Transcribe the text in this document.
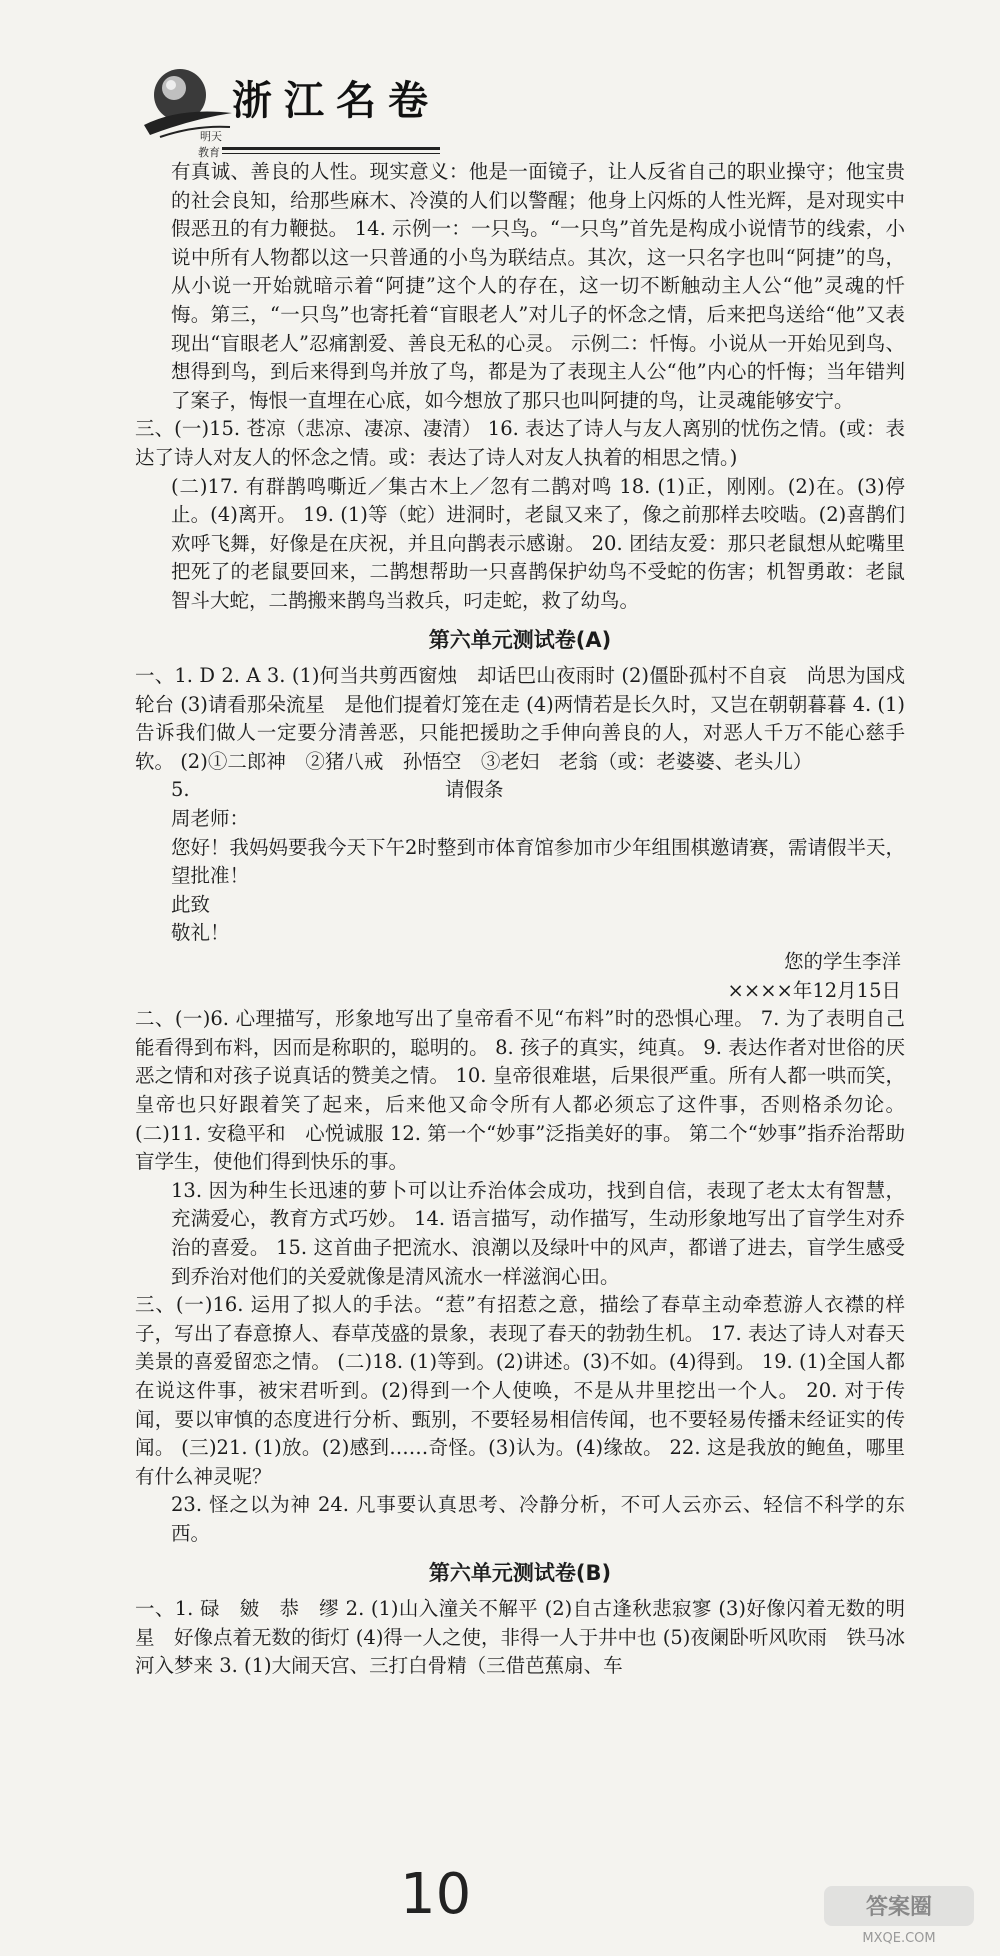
浙江名卷
明天
教育

有真诚、善良的人性。现实意义：他是一面镜子，让人反省自己的职业操守；他宝贵的社会良知，给那些麻木、冷漠的人们以警醒；他身上闪烁的人性光辉，是对现实中假恶丑的有力鞭挞。 14. 示例一：一只鸟。“一只鸟”首先是构成小说情节的线索，小说中所有人物都以这一只普通的小鸟为联结点。其次，这一只名字也叫“阿捷”的鸟，从小说一开始就暗示着“阿捷”这个人的存在，这一切不断触动主人公“他”灵魂的忏悔。第三，“一只鸟”也寄托着“盲眼老人”对儿子的怀念之情，后来把鸟送给“他”又表现出“盲眼老人”忍痛割爱、善良无私的心灵。 示例二：忏悔。小说从一开始见到鸟、想得到鸟，到后来得到鸟并放了鸟，都是为了表现主人公“他”内心的忏悔；当年错判了案子，悔恨一直埋在心底，如今想放了那只也叫阿捷的鸟，让灵魂能够安宁。

三、(一)15. 苍凉（悲凉、凄凉、凄清） 16. 表达了诗人与友人离别的忧伤之情。(或：表达了诗人对友人的怀念之情。或：表达了诗人对友人执着的相思之情。)

(二)17. 有群鹊鸣嘶近／集古木上／忽有二鹊对鸣 18. (1)正，刚刚。(2)在。(3)停止。(4)离开。 19. (1)等（蛇）进洞时，老鼠又来了，像之前那样去咬啮。(2)喜鹊们欢呼飞舞，好像是在庆祝，并且向鹊表示感谢。 20. 团结友爱：那只老鼠想从蛇嘴里把死了的老鼠要回来，二鹊想帮助一只喜鹊保护幼鸟不受蛇的伤害；机智勇敢：老鼠智斗大蛇，二鹊搬来鹊鸟当救兵，叼走蛇，救了幼鸟。

第六单元测试卷(A)

一、1. D 2. A 3. (1)何当共剪西窗烛　却话巴山夜雨时 (2)僵卧孤村不自哀　尚思为国戍轮台 (3)请看那朵流星　是他们提着灯笼在走 (4)两情若是长久时，又岂在朝朝暮暮 4. (1)告诉我们做人一定要分清善恶，只能把援助之手伸向善良的人，对恶人千万不能心慈手软。 (2)①二郎神　②猪八戒　孙悟空　③老妇　老翁（或：老婆婆、老头儿）

5.	请假条

周老师：

您好！我妈妈要我今天下午2时整到市体育馆参加市少年组围棋邀请赛，需请假半天，望批准！

此致

敬礼！

您的学生李洋

××××年12月15日

二、(一)6. 心理描写，形象地写出了皇帝看不见“布料”时的恐惧心理。 7. 为了表明自己能看得到布料，因而是称职的，聪明的。 8. 孩子的真实，纯真。 9. 表达作者对世俗的厌恶之情和对孩子说真话的赞美之情。 10. 皇帝很难堪，后果很严重。所有人都一哄而笑，皇帝也只好跟着笑了起来，后来他又命令所有人都必须忘了这件事，否则格杀勿论。 (二)11. 安稳平和　心悦诚服 12. 第一个“妙事”泛指美好的事。 第二个“妙事”指乔治帮助盲学生，使他们得到快乐的事。

13. 因为种生长迅速的萝卜可以让乔治体会成功，找到自信，表现了老太太有智慧，充满爱心，教育方式巧妙。 14. 语言描写，动作描写，生动形象地写出了盲学生对乔治的喜爱。 15. 这首曲子把流水、浪潮以及绿叶中的风声，都谱了进去，盲学生感受到乔治对他们的关爱就像是清风流水一样滋润心田。

三、(一)16. 运用了拟人的手法。“惹”有招惹之意，描绘了春草主动牵惹游人衣襟的样子，写出了春意撩人、春草茂盛的景象，表现了春天的勃勃生机。 17. 表达了诗人对春天美景的喜爱留恋之情。 (二)18. (1)等到。(2)讲述。(3)不如。(4)得到。 19. (1)全国人都在说这件事，被宋君听到。(2)得到一个人使唤，不是从井里挖出一个人。 20. 对于传闻，要以审慎的态度进行分析、甄别，不要轻易相信传闻，也不要轻易传播未经证实的传闻。 (三)21. (1)放。(2)感到……奇怪。(3)认为。(4)缘故。 22. 这是我放的鲍鱼，哪里有什么神灵呢？

23. 怪之以为神 24. 凡事要认真思考、冷静分析，不可人云亦云、轻信不科学的东西。

第六单元测试卷(B)

一、1. 碌　皴　恭　缪 2. (1)山入潼关不解平 (2)自古逢秋悲寂寥 (3)好像闪着无数的明星　好像点着无数的街灯 (4)得一人之使，非得一人于井中也 (5)夜阑卧听风吹雨　铁马冰河入梦来 3. (1)大闹天宫、三打白骨精（三借芭蕉扇、车

10	答案圈
MXQE.COM
